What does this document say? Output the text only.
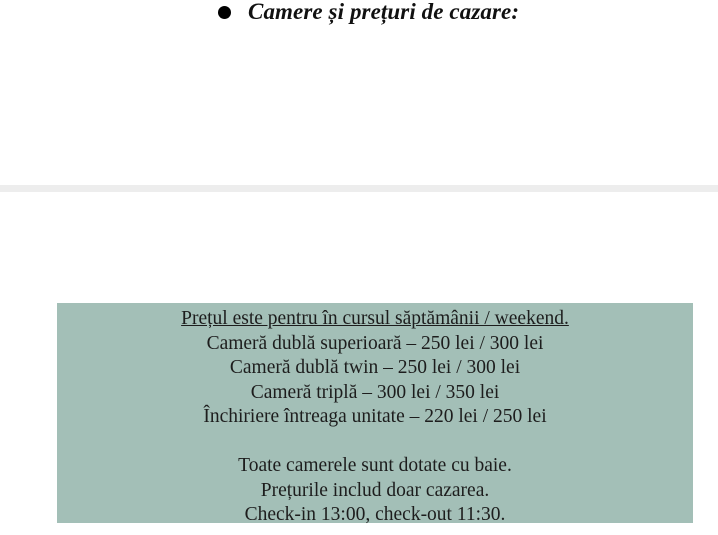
Camere și prețuri de cazare:
Prețul este pentru în cursul săptămânii / weekend.
Cameră dublă superioară – 250 lei / 300 lei
Cameră dublă twin – 250 lei / 300 lei
Cameră triplă – 300 lei / 350 lei
Închiriere întreaga unitate – 220 lei / 250 lei
Toate camerele sunt dotate cu baie.
Prețurile includ doar cazarea.
Check-in 13:00, check-out 11:30.
